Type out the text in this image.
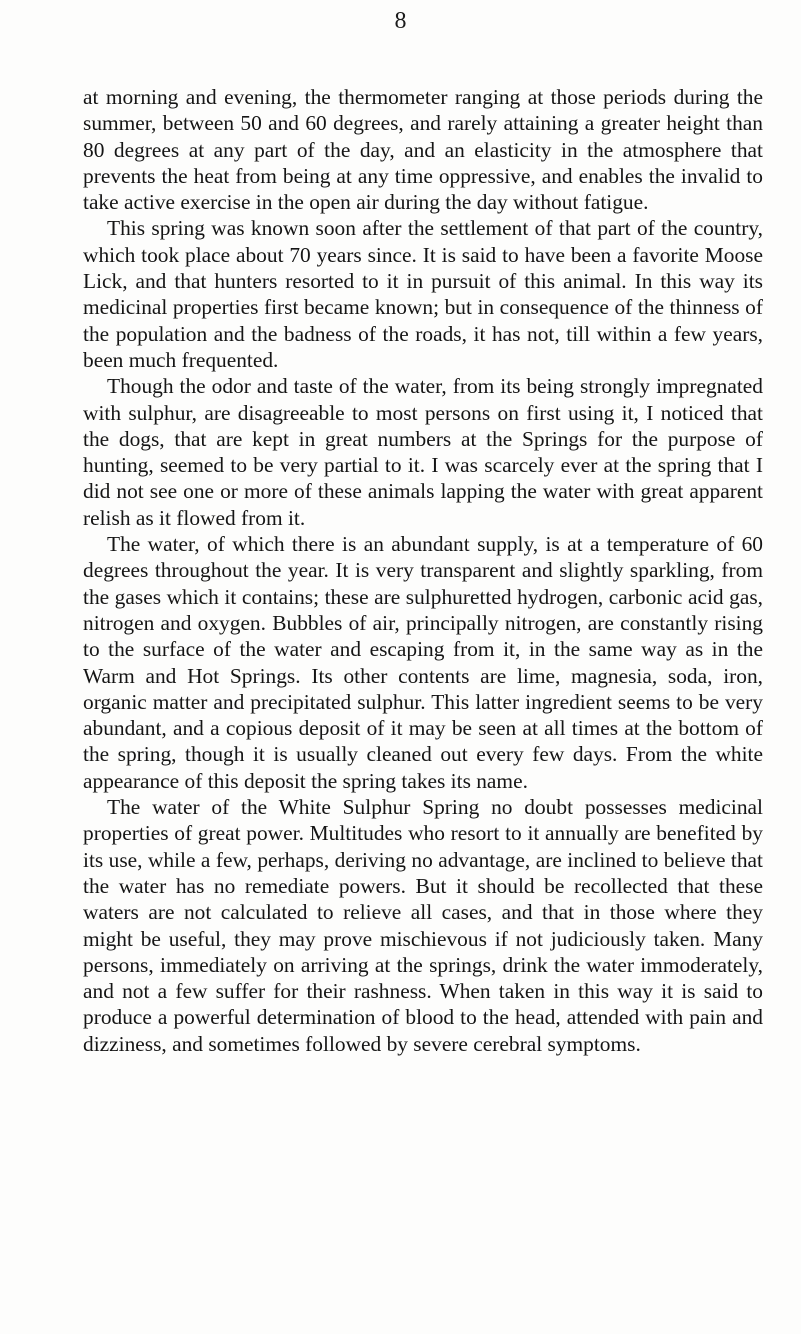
8

at morning and evening, the thermometer ranging at those periods during the summer, between 50 and 60 degrees, and rarely attaining a greater height than 80 degrees at any part of the day, and an elasticity in the atmosphere that prevents the heat from being at any time oppressive, and enables the invalid to take active exercise in the open air during the day without fatigue.

This spring was known soon after the settlement of that part of the country, which took place about 70 years since. It is said to have been a favorite Moose Lick, and that hunters resorted to it in pursuit of this animal. In this way its medicinal properties first became known; but in consequence of the thinness of the population and the badness of the roads, it has not, till within a few years, been much frequented.

Though the odor and taste of the water, from its being strongly impregnated with sulphur, are disagreeable to most persons on first using it, I noticed that the dogs, that are kept in great numbers at the Springs for the purpose of hunting, seemed to be very partial to it. I was scarcely ever at the spring that I did not see one or more of these animals lapping the water with great apparent relish as it flowed from it.

The water, of which there is an abundant supply, is at a temperature of 60 degrees throughout the year. It is very transparent and slightly sparkling, from the gases which it contains; these are sulphuretted hydrogen, carbonic acid gas, nitrogen and oxygen. Bubbles of air, principally nitrogen, are constantly rising to the surface of the water and escaping from it, in the same way as in the Warm and Hot Springs. Its other contents are lime, magnesia, soda, iron, organic matter and precipitated sulphur. This latter ingredient seems to be very abundant, and a copious deposit of it may be seen at all times at the bottom of the spring, though it is usually cleaned out every few days. From the white appearance of this deposit the spring takes its name.

The water of the White Sulphur Spring no doubt possesses medicinal properties of great power. Multitudes who resort to it annually are benefited by its use, while a few, perhaps, deriving no advantage, are inclined to believe that the water has no remediate powers. But it should be recollected that these waters are not calculated to relieve all cases, and that in those where they might be useful, they may prove mischievous if not judiciously taken. Many persons, immediately on arriving at the springs, drink the water immoderately, and not a few suffer for their rashness. When taken in this way it is said to produce a powerful determination of blood to the head, attended with pain and dizziness, and sometimes followed by severe cerebral symptoms.
